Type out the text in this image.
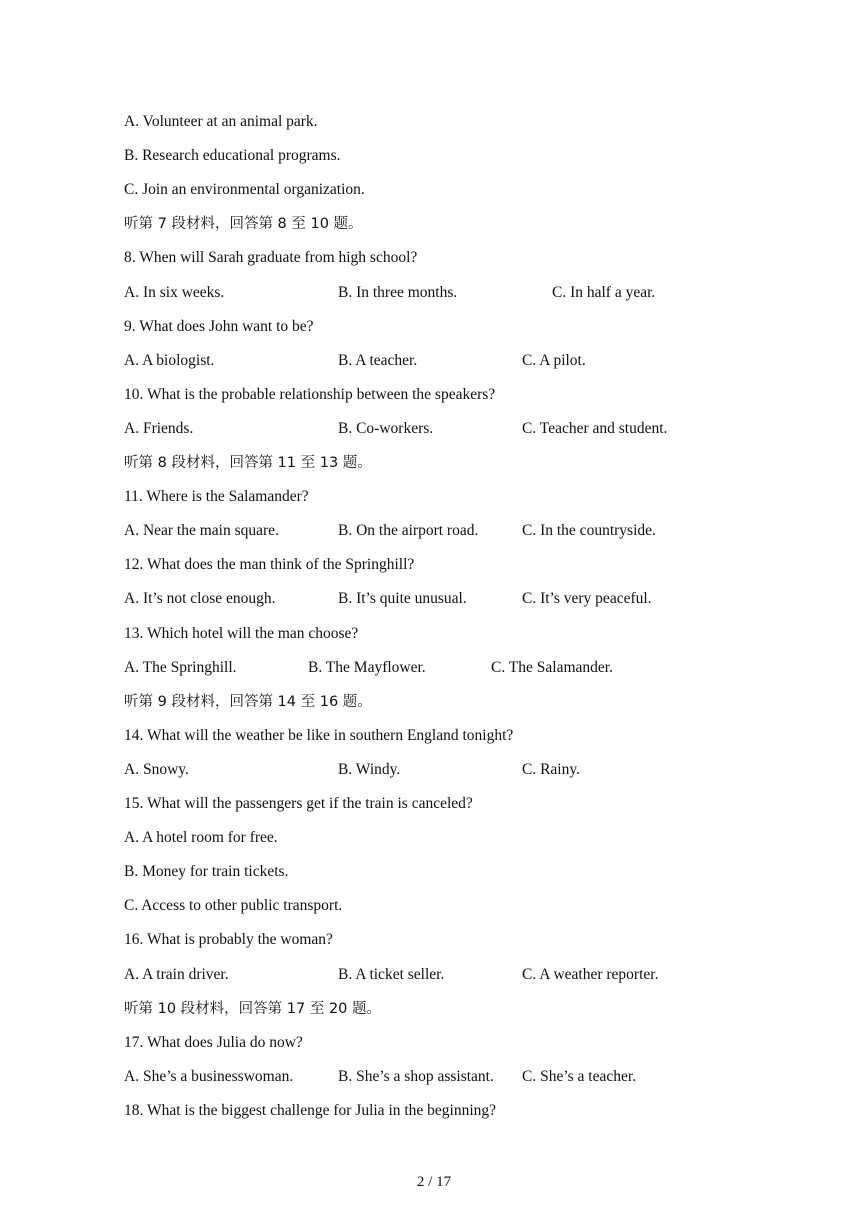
A. Volunteer at an animal park.
B. Research educational programs.
C. Join an environmental organization.
听第 7 段材料，回答第 8 至 10 题。
8. When will Sarah graduate from high school?
A. In six weeks.	B. In three months.	C. In half a year.
9. What does John want to be?
A. A biologist.	B. A teacher.	C. A pilot.
10. What is the probable relationship between the speakers?
A. Friends.	B. Co-workers.	C. Teacher and student.
听第 8 段材料，回答第 11 至 13 题。
11. Where is the Salamander?
A. Near the main square.	B. On the airport road.	C. In the countryside.
12. What does the man think of the Springhill?
A. It’s not close enough.	B. It’s quite unusual.	C. It’s very peaceful.
13. Which hotel will the man choose?
A. The Springhill.	B. The Mayflower.	C. The Salamander.
听第 9 段材料，回答第 14 至 16 题。
14. What will the weather be like in southern England tonight?
A. Snowy.	B. Windy.	C. Rainy.
15. What will the passengers get if the train is canceled?
A. A hotel room for free.
B. Money for train tickets.
C. Access to other public transport.
16. What is probably the woman?
A. A train driver.	B. A ticket seller.	C. A weather reporter.
听第 10 段材料，回答第 17 至 20 题。
17. What does Julia do now?
A. She’s a businesswoman.	B. She’s a shop assistant. C. She’s a teacher.
18. What is the biggest challenge for Julia in the beginning?
2 / 17
